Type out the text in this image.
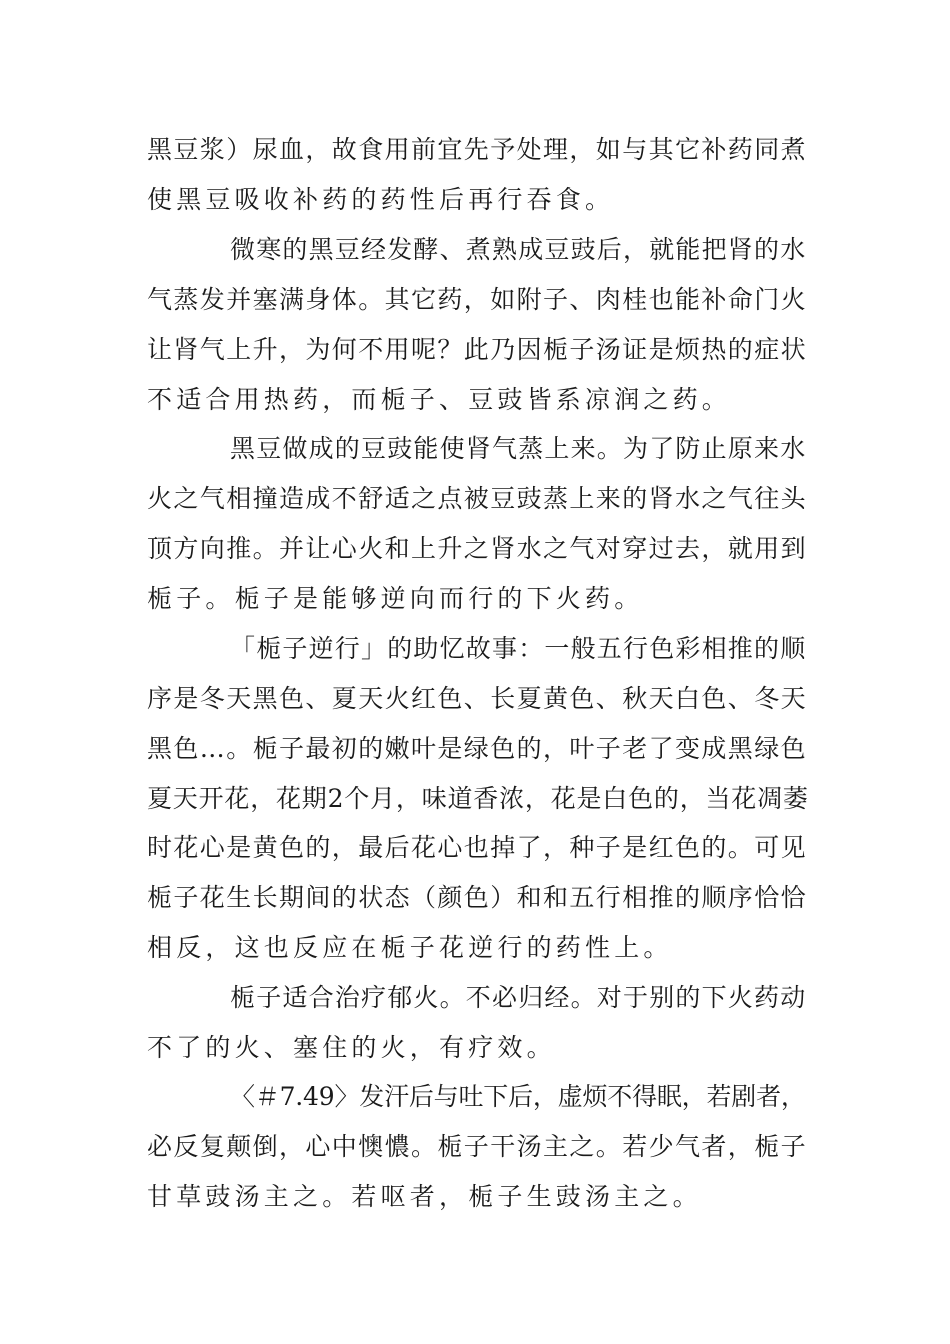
黑豆浆）尿血，故食用前宜先予处理，如与其它补药同煮
使黑豆吸收补药的药性后再行吞食。
微寒的黑豆经发酵、煮熟成豆豉后，就能把肾的水
气蒸发并塞满身体。其它药，如附子、肉桂也能补命门火
让肾气上升，为何不用呢？此乃因栀子汤证是烦热的症状
不适合用热药，而栀子、豆豉皆系凉润之药。
黑豆做成的豆豉能使肾气蒸上来。为了防止原来水
火之气相撞造成不舒适之点被豆豉蒸上来的肾水之气往头
顶方向推。并让心火和上升之肾水之气对穿过去，就用到
栀子。栀子是能够逆向而行的下火药。
「栀子逆行」的助忆故事：一般五行色彩相推的顺
序是冬天黑色、夏天火红色、长夏黄色、秋天白色、冬天
黑色…。栀子最初的嫩叶是绿色的，叶子老了变成黑绿色
夏天开花，花期2个月，味道香浓，花是白色的，当花凋萎
时花心是黄色的，最后花心也掉了，种子是红色的。可见
栀子花生长期间的状态（颜色）和和五行相推的顺序恰恰
相反，这也反应在栀子花逆行的药性上。
栀子适合治疗郁火。不必归经。对于别的下火药动
不了的火、塞住的火，有疗效。
〈＃7.49〉发汗后与吐下后，虚烦不得眠，若剧者，
必反复颠倒，心中懊憹。栀子干汤主之。若少气者，栀子
甘草豉汤主之。若呕者，栀子生豉汤主之。
